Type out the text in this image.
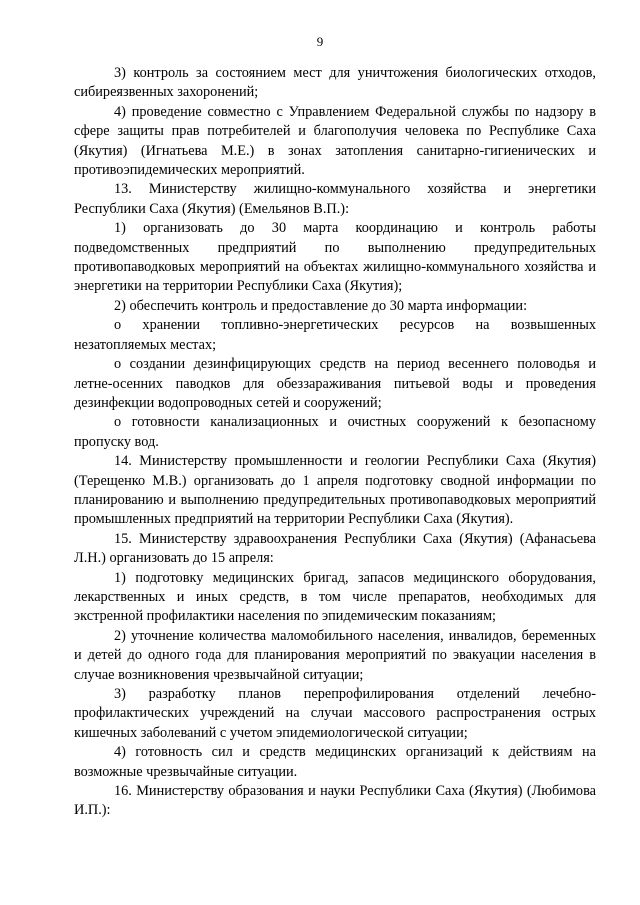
9

3) контроль за состоянием мест для уничтожения биологических отходов, сибиреязвенных захоронений;

4) проведение совместно с Управлением Федеральной службы по надзору в сфере защиты прав потребителей и благополучия человека по Республике Саха (Якутия) (Игнатьева М.Е.) в зонах затопления санитарно-гигиенических и противоэпидемических мероприятий.

13. Министерству жилищно-коммунального хозяйства и энергетики Республики Саха (Якутия) (Емельянов В.П.):

1) организовать до 30 марта координацию и контроль работы подведомственных предприятий по выполнению предупредительных противопаводковых мероприятий на объектах жилищно-коммунального хозяйства и энергетики на территории Республики Саха (Якутия);

2) обеспечить контроль и предоставление до 30 марта информации:

о хранении топливно-энергетических ресурсов на возвышенных незатопляемых местах;

о создании дезинфицирующих средств на период весеннего половодья и летне-осенних паводков для обеззараживания питьевой воды и проведения дезинфекции водопроводных сетей и сооружений;

о готовности канализационных и очистных сооружений к безопасному пропуску вод.

14. Министерству промышленности и геологии Республики Саха (Якутия) (Терещенко М.В.) организовать до 1 апреля подготовку сводной информации по планированию и выполнению предупредительных противопаводковых мероприятий промышленных предприятий на территории Республики Саха (Якутия).

15. Министерству здравоохранения Республики Саха (Якутия) (Афанасьева Л.Н.) организовать до 15 апреля:

1) подготовку медицинских бригад, запасов медицинского оборудования, лекарственных и иных средств, в том числе препаратов, необходимых для экстренной профилактики населения по эпидемическим показаниям;

2) уточнение количества маломобильного населения, инвалидов, беременных и детей до одного года для планирования мероприятий по эвакуации населения в случае возникновения чрезвычайной ситуации;

3) разработку планов перепрофилирования отделений лечебно-профилактических учреждений на случаи массового распространения острых кишечных заболеваний с учетом эпидемиологической ситуации;

4) готовность сил и средств медицинских организаций к действиям на возможные чрезвычайные ситуации.

16. Министерству образования и науки Республики Саха (Якутия) (Любимова И.П.):
